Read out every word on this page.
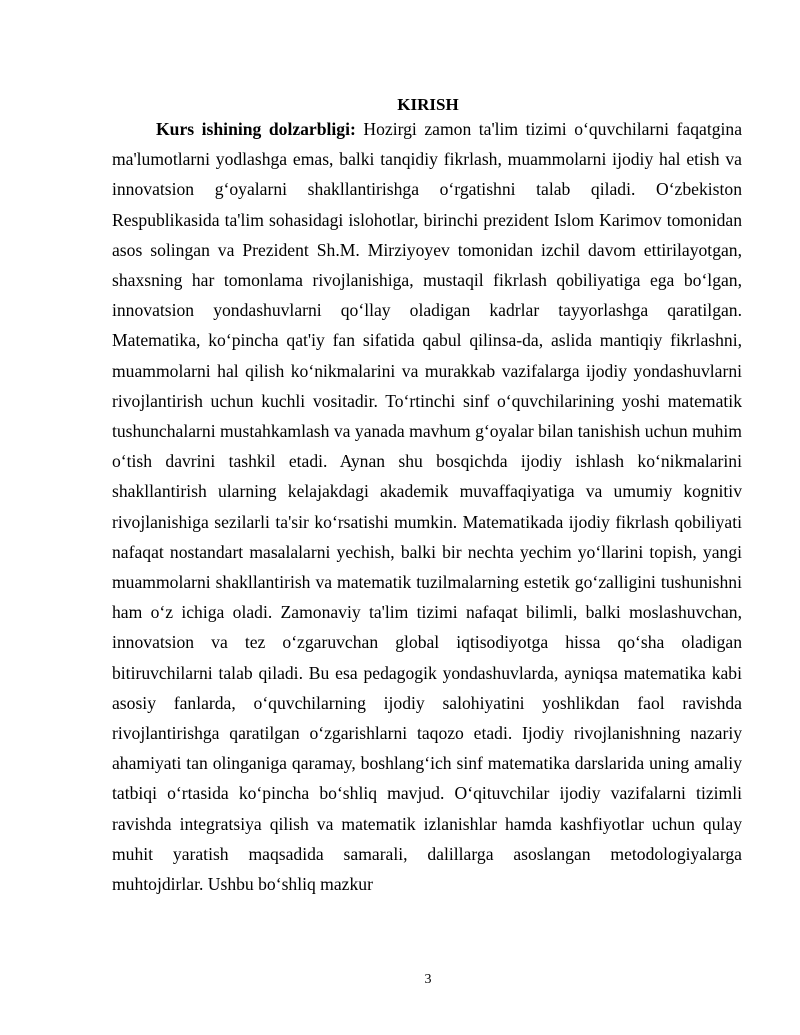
KIRISH

Kurs ishining dolzarbligi: Hozirgi zamon ta'lim tizimi o‘quvchilarni faqatgina ma'lumotlarni yodlashga emas, balki tanqidiy fikrlash, muammolarni ijodiy hal etish va innovatsion g‘oyalarni shakllantirishga o‘rgatishni talab qiladi. O‘zbekiston Respublikasida ta'lim sohasidagi islohotlar, birinchi prezident Islom Karimov tomonidan asos solingan va Prezident Sh.M. Mirziyoyev tomonidan izchil davom ettirilayotgan, shaxsning har tomonlama rivojlanishiga, mustaqil fikrlash qobiliyatiga ega bo‘lgan, innovatsion yondashuvlarni qo‘llay oladigan kadrlar tayyorlashga qaratilgan. Matematika, ko‘pincha qat'iy fan sifatida qabul qilinsa-da, aslida mantiqiy fikrlashni, muammolarni hal qilish ko‘nikmalarini va murakkab vazifalarga ijodiy yondashuvlarni rivojlantirish uchun kuchli vositadir. To‘rtinchi sinf o‘quvchilarining yoshi matematik tushunchalarni mustahkamlash va yanada mavhum g‘oyalar bilan tanishish uchun muhim o‘tish davrini tashkil etadi. Aynan shu bosqichda ijodiy ishlash ko‘nikmalarini shakllantirish ularning kelajakdagi akademik muvaffaqiyatiga va umumiy kognitiv rivojlanishiga sezilarli ta'sir ko‘rsatishi mumkin. Matematikada ijodiy fikrlash qobiliyati nafaqat nostandart masalalarni yechish, balki bir nechta yechim yo‘llarini topish, yangi muammolarni shakllantirish va matematik tuzilmalarning estetik go‘zalligini tushunishni ham o‘z ichiga oladi. Zamonaviy ta'lim tizimi nafaqat bilimli, balki moslashuvchan, innovatsion va tez o‘zgaruvchan global iqtisodiyotga hissa qo‘sha oladigan bitiruvchilarni talab qiladi. Bu esa pedagogik yondashuvlarda, ayniqsa matematika kabi asosiy fanlarda, o‘quvchilarning ijodiy salohiyatini yoshlikdan faol ravishda rivojlantirishga qaratilgan o‘zgarishlarni taqozo etadi. Ijodiy rivojlanishning nazariy ahamiyati tan olinganiga qaramay, boshlang‘ich sinf matematika darslarida uning amaliy tatbiqi o‘rtasida ko‘pincha bo‘shliq mavjud. O‘qituvchilar ijodiy vazifalarni tizimli ravishda integratsiya qilish va matematik izlanishlar hamda kashfiyotlar uchun qulay muhit yaratish maqsadida samarali, dalillarga asoslangan metodologiyalarga muhtojdirlar. Ushbu bo‘shliq mazkur

3
